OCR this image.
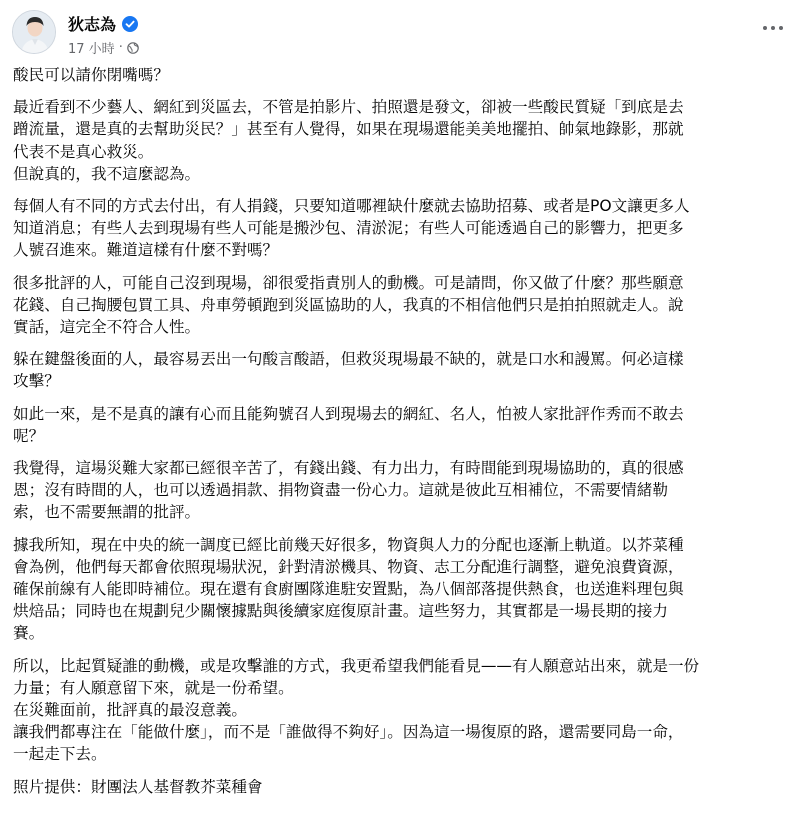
狄志為
17 小時 ·
酸民可以請你閉嘴嗎？
最近看到不少藝人、網紅到災區去，不管是拍影片、拍照還是發文，卻被一些酸民質疑「到底是去
蹭流量，還是真的去幫助災民？」甚至有人覺得，如果在現場還能美美地擺拍、帥氣地錄影，那就
代表不是真心救災。
但說真的，我不這麼認為。
每個人有不同的方式去付出，有人捐錢，只要知道哪裡缺什麼就去協助招募、或者是PO文讓更多人
知道消息；有些人去到現場有些人可能是搬沙包、清淤泥；有些人可能透過自己的影響力，把更多
人號召進來。難道這樣有什麼不對嗎？
很多批評的人，可能自己沒到現場，卻很愛指責別人的動機。可是請問，你又做了什麼？那些願意
花錢、自己掏腰包買工具、舟車勞頓跑到災區協助的人，我真的不相信他們只是拍拍照就走人。說
實話，這完全不符合人性。
躲在鍵盤後面的人，最容易丟出一句酸言酸語，但救災現場最不缺的，就是口水和謾罵。何必這樣
攻擊？
如此一來，是不是真的讓有心而且能夠號召人到現場去的網紅、名人，怕被人家批評作秀而不敢去
呢？
我覺得，這場災難大家都已經很辛苦了，有錢出錢、有力出力，有時間能到現場協助的，真的很感
恩；沒有時間的人，也可以透過捐款、捐物資盡一份心力。這就是彼此互相補位，不需要情緒勒
索，也不需要無謂的批評。
據我所知，現在中央的統一調度已經比前幾天好很多，物資與人力的分配也逐漸上軌道。以芥菜種
會為例，他們每天都會依照現場狀況，針對清淤機具、物資、志工分配進行調整，避免浪費資源，
確保前線有人能即時補位。現在還有食廚團隊進駐安置點，為八個部落提供熱食，也送進料理包與
烘焙品；同時也在規劃兒少關懷據點與後續家庭復原計畫。這些努力，其實都是一場長期的接力
賽。
所以，比起質疑誰的動機，或是攻擊誰的方式，我更希望我們能看見——有人願意站出來，就是一份
力量；有人願意留下來，就是一份希望。
在災難面前，批評真的最沒意義。
讓我們都專注在「能做什麼」，而不是「誰做得不夠好」。因為這一場復原的路，還需要同島一命，
一起走下去。
照片提供：財團法人基督教芥菜種會
